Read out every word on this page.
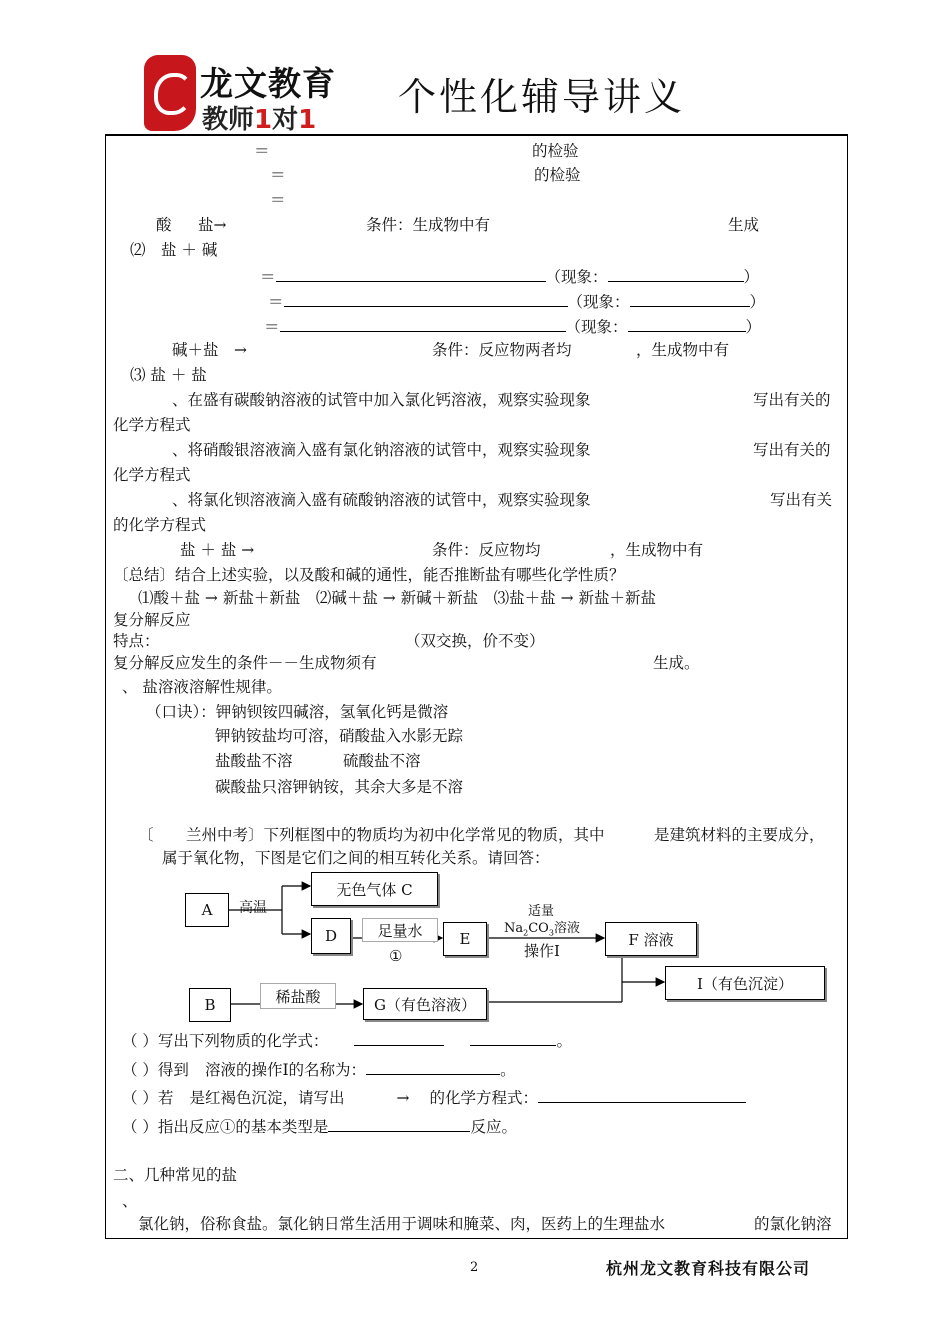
龙文教育
教师1对1
个性化辅导讲义
＝	的检验
＝	的检验
＝
酸 盐→	条件：生成物中有	生成
⑵　盐 ＋ 碱
＝	（现象：	）
＝	（现象：	）
＝	（现象：	）
碱＋盐　→	条件：反应物两者均	，生成物中有
⑶ 盐 ＋ 盐
、在盛有碳酸钠溶液的试管中加入氯化钙溶液，观察实验现象	写出有关的
化学方程式
、将硝酸银溶液滴入盛有氯化钠溶液的试管中，观察实验现象	写出有关的
化学方程式
、将氯化钡溶液滴入盛有硫酸钠溶液的试管中，观察实验现象	写出有关
的化学方程式
盐 ＋ 盐 →	条件：反应物均	，生成物中有
〔总结〕结合上述实验，以及酸和碱的通性，能否推断盐有哪些化学性质？
⑴酸＋盐 → 新盐＋新盐　⑵碱＋盐 → 新碱＋新盐　⑶盐＋盐 → 新盐＋新盐
复分解反应
特点：	（双交换，价不变）
复分解反应发生的条件－－生成物须有	生成。
、 盐溶液溶解性规律。
（口诀）：钾钠钡铵四碱溶，氢氧化钙是微溶
钾钠铵盐均可溶，硝酸盐入水影无踪
盐酸盐不溶	硫酸盐不溶
碳酸盐只溶钾钠铵，其余大多是不溶
〔 兰州中考〕下列框图中的物质均为初中化学常见的物质，其中	是建筑材料的主要成分，
属于氧化物，下图是它们之间的相互转化关系。请回答：
A	高温
无色气体 C
D	足量水
①
E
适量
$Na_2CO_3$溶液
操作Ⅰ
F 溶液
I（有色沉淀）
B	稀盐酸	G（有色溶液）
（ ）写出下列物质的化学式：	。
（ ）得到 溶液的操作Ⅰ的名称为：	。
（ ）若 是红褐色沉淀，请写出	→ 的化学方程式：
（ ）指出反应①的基本类型是	反应。
二、几种常见的盐
、
氯化钠，俗称食盐。氯化钠日常生活用于调味和腌菜、肉，医药上的生理盐水	的氯化钠溶
2	杭州龙文教育科技有限公司
